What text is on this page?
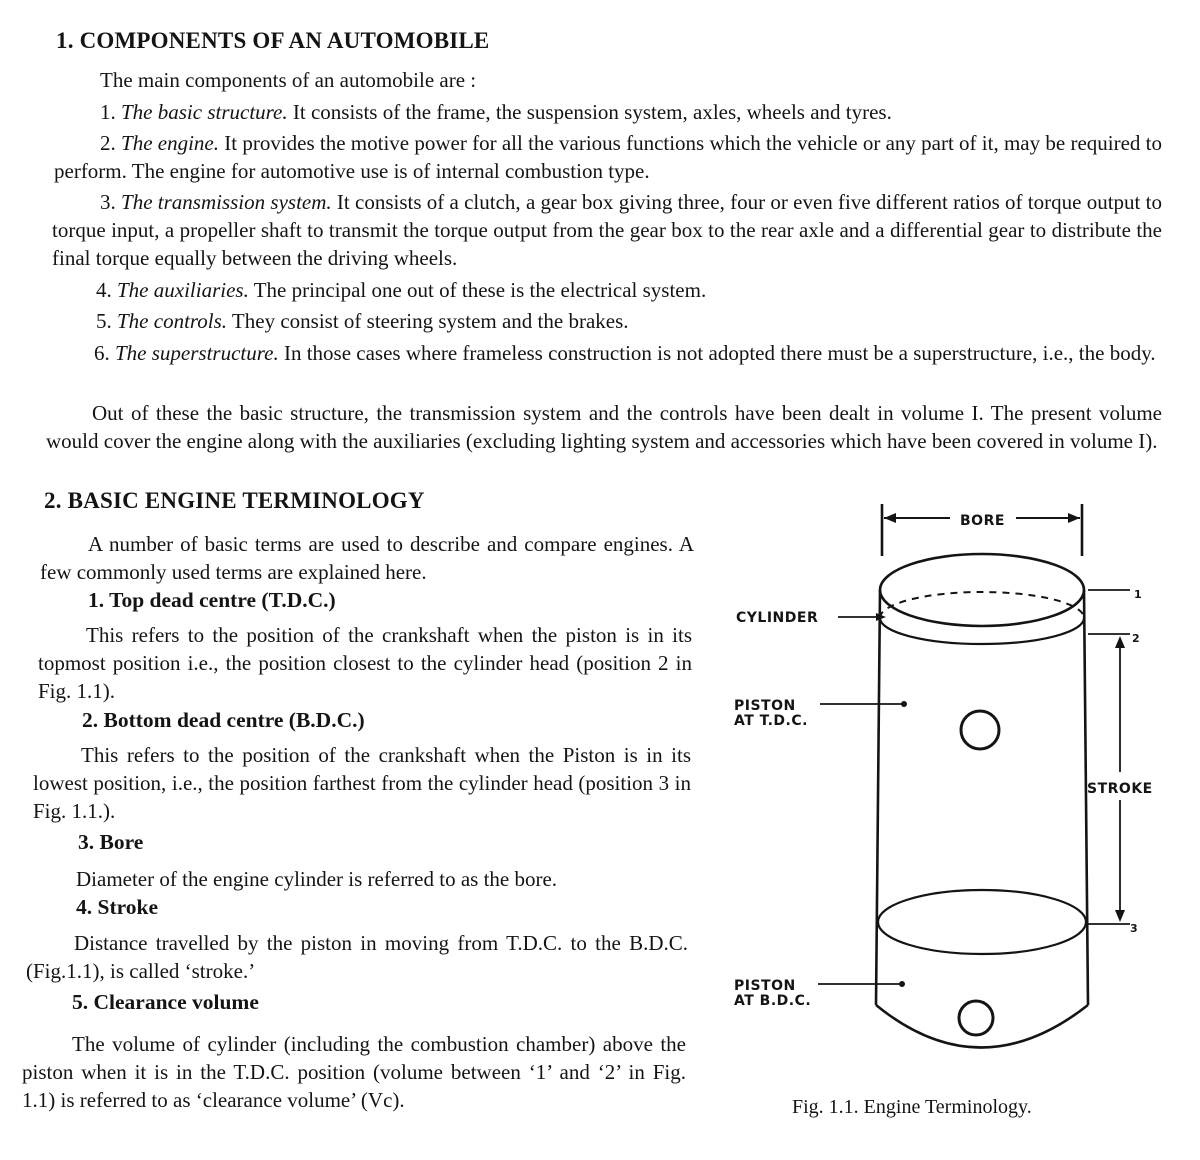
1. COMPONENTS OF AN AUTOMOBILE

The main components of an automobile are :

1. The basic structure. It consists of the frame, the suspension system, axles, wheels and tyres.

2. The engine. It provides the motive power for all the various functions which the vehicle or any part of it, may be required to perform. The engine for automotive use is of internal combustion type.

3. The transmission system. It consists of a clutch, a gear box giving three, four or even five different ratios of torque output to torque input, a propeller shaft to transmit the torque output from the gear box to the rear axle and a differential gear to distribute the final torque equally between the driving wheels.

4. The auxiliaries. The principal one out of these is the electrical system.

5. The controls. They consist of steering system and the brakes.

6. The superstructure. In those cases where frameless construction is not adopted there must be a superstructure, i.e., the body.

Out of these the basic structure, the transmission system and the controls have been dealt in volume I. The present volume would cover the engine along with the auxiliaries (excluding lighting system and accessories which have been covered in volume I).

2. BASIC ENGINE TERMINOLOGY

A number of basic terms are used to describe and compare engines. A few commonly used terms are explained here.

1. Top dead centre (T.D.C.)

This refers to the position of the crankshaft when the piston is in its topmost position i.e., the position closest to the cylinder head (position 2 in Fig. 1.1).

2. Bottom dead centre (B.D.C.)

This refers to the position of the crankshaft when the Piston is in its lowest position, i.e., the position farthest from the cylinder head (position 3 in Fig. 1.1.).

3. Bore

Diameter of the engine cylinder is referred to as the bore.

4. Stroke

Distance travelled by the piston in moving from T.D.C. to the B.D.C. (Fig.1.1), is called ‘stroke.’

5. Clearance volume

The volume of cylinder (including the combustion chamber) above the piston when it is in the T.D.C. position (volume between ‘1’ and ‘2’ in Fig. 1.1) is referred to as ‘clearance volume’ (Vc).

BORE
CYLINDER
PISTON
AT T.D.C.
PISTON
AT B.D.C.
STROKE
1
2
3
Fig. 1.1. Engine Terminology.
